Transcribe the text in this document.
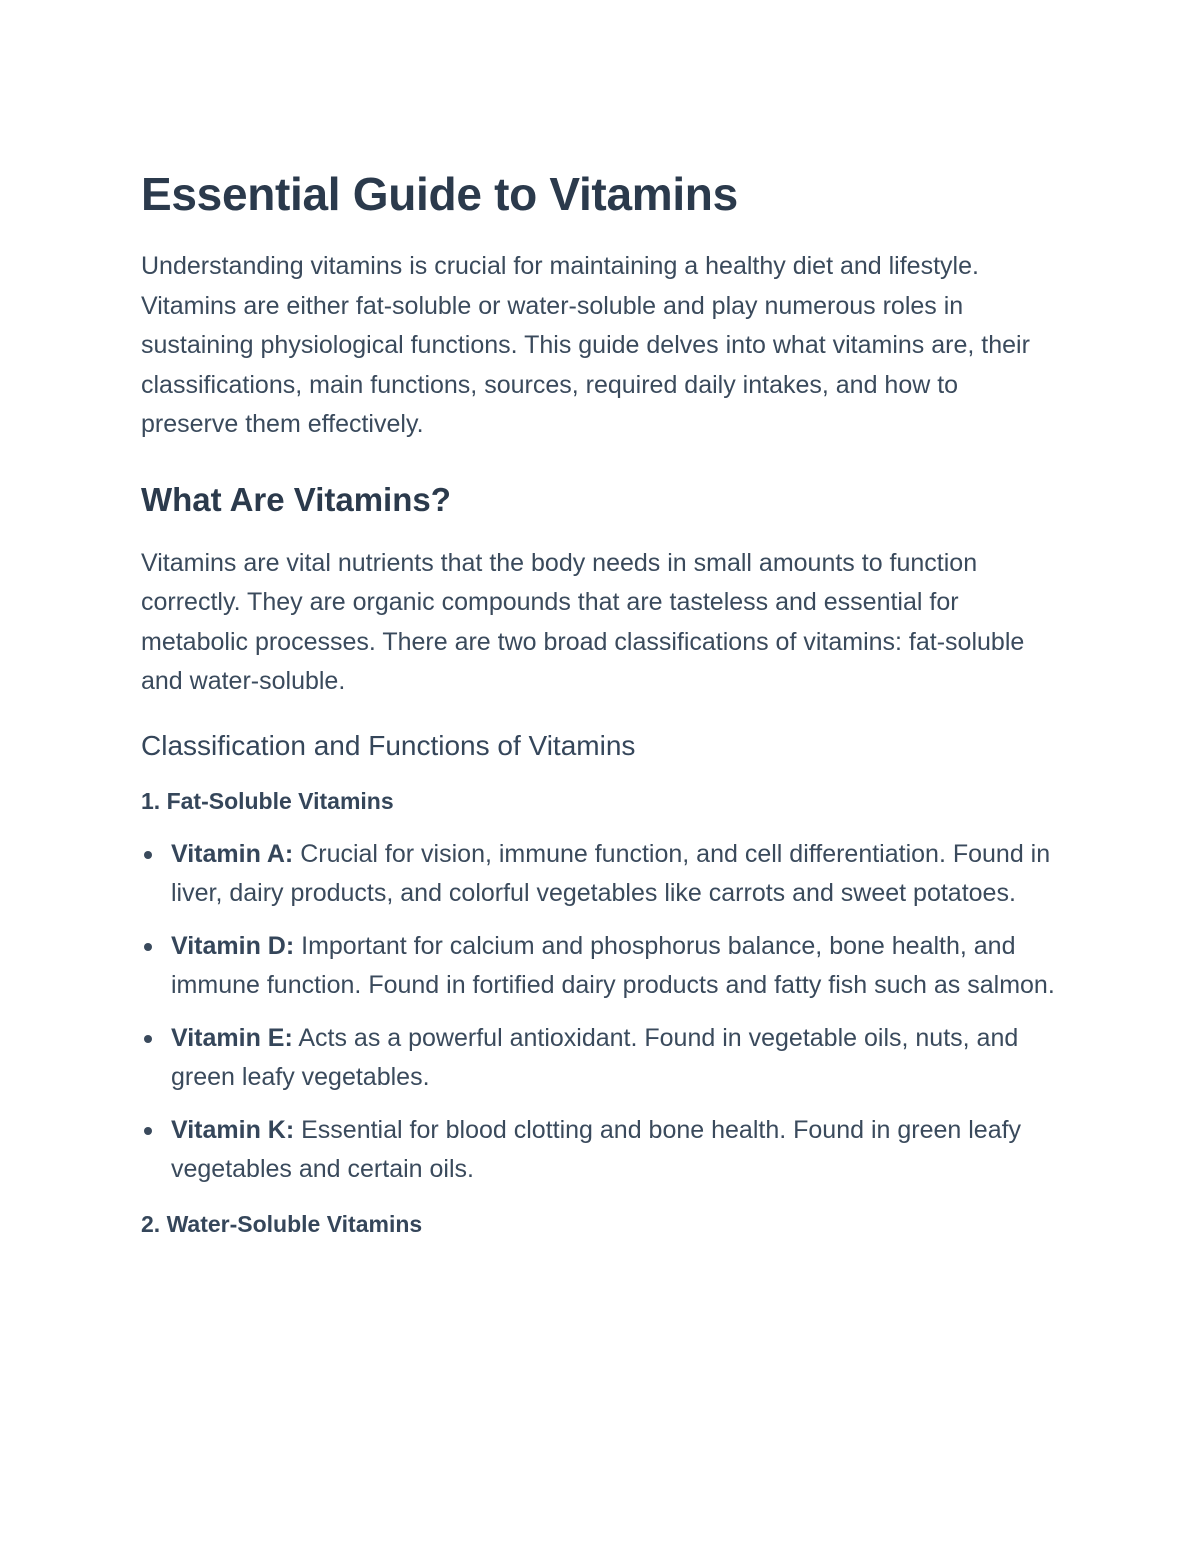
Essential Guide to Vitamins

Understanding vitamins is crucial for maintaining a healthy diet and lifestyle. Vitamins are either fat-soluble or water-soluble and play numerous roles in sustaining physiological functions. This guide delves into what vitamins are, their classifications, main functions, sources, required daily intakes, and how to preserve them effectively.

What Are Vitamins?

Vitamins are vital nutrients that the body needs in small amounts to function correctly. They are organic compounds that are tasteless and essential for metabolic processes. There are two broad classifications of vitamins: fat-soluble and water-soluble.

Classification and Functions of Vitamins
1. Fat-Soluble Vitamins
Vitamin A: Crucial for vision, immune function, and cell differentiation. Found in liver, dairy products, and colorful vegetables like carrots and sweet potatoes.
Vitamin D: Important for calcium and phosphorus balance, bone health, and immune function. Found in fortified dairy products and fatty fish such as salmon.
Vitamin E: Acts as a powerful antioxidant. Found in vegetable oils, nuts, and green leafy vegetables.
Vitamin K: Essential for blood clotting and bone health. Found in green leafy vegetables and certain oils.
2. Water-Soluble Vitamins
